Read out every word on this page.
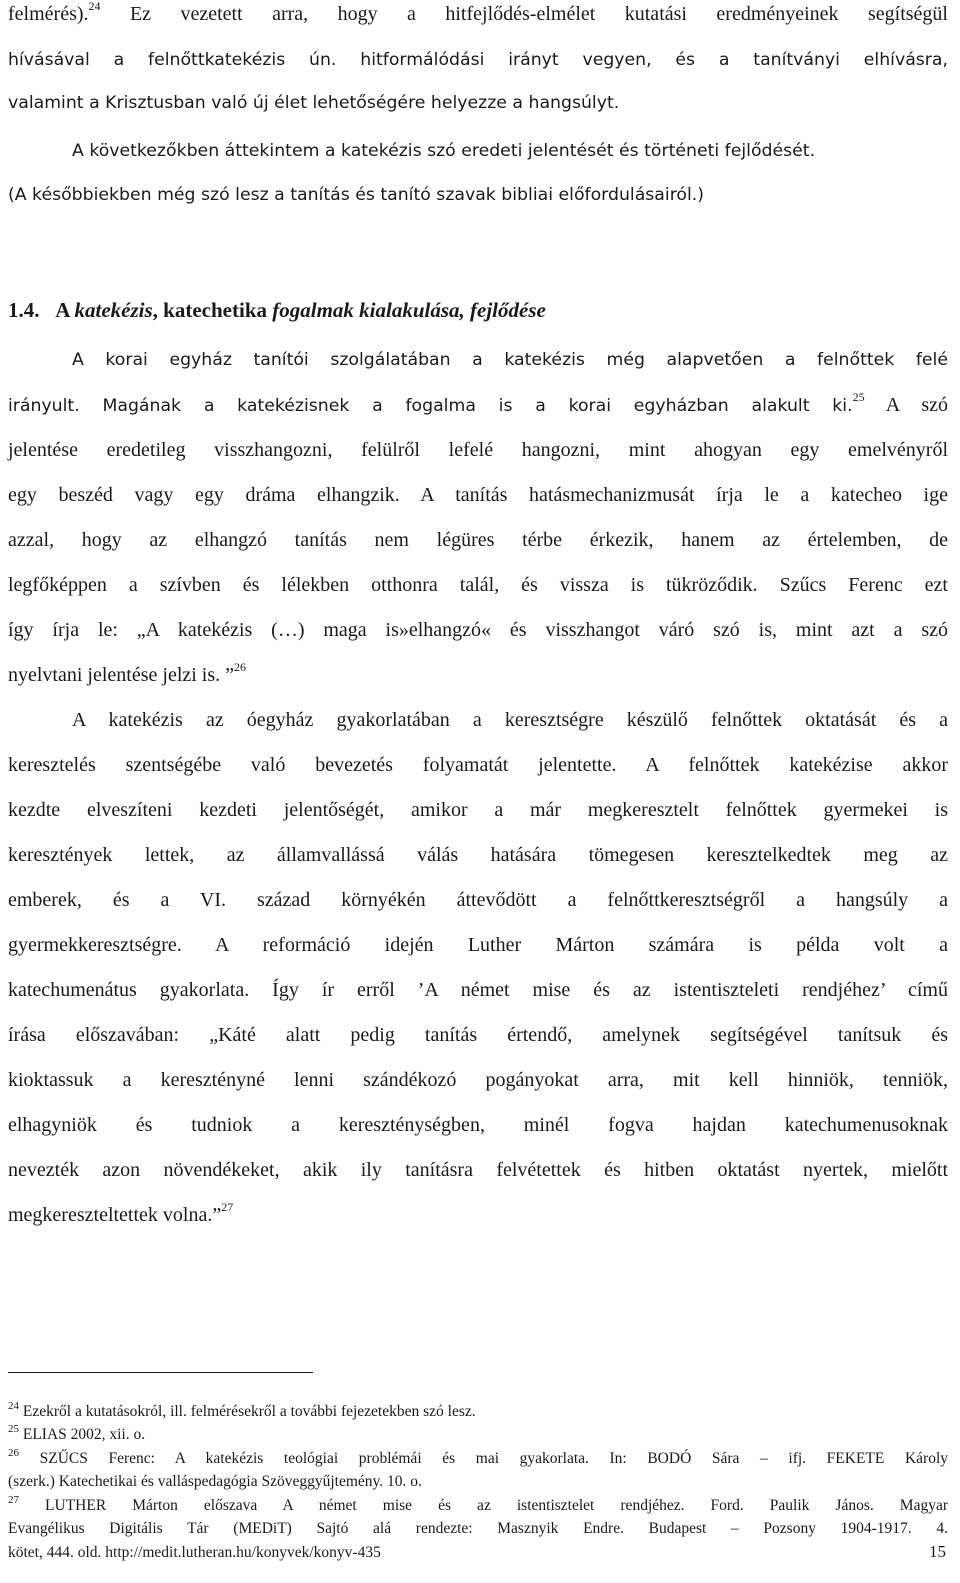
felmérés).$^{24}$ Ez vezetett arra, hogy a hitfejlődés-elmélet kutatási eredményeinek segítségül
hívásával a felnőttkatekézis ún. hitformálódási irányt vegyen, és a tanítványi elhívásra,
valamint a Krisztusban való új élet lehetőségére helyezze a hangsúlyt.
A következőkben áttekintem a katekézis szó eredeti jelentését és történeti fejlődését.
(A későbbiekben még szó lesz a tanítás és tanító szavak bibliai előfordulásairól.)
1.4. A katekézis, katechetika fogalmak kialakulása, fejlődése
A korai egyház tanítói szolgálatában a katekézis még alapvetően a felnőttek felé
irányult. Magának a katekézisnek a fogalma is a korai egyházban alakult ki.$^{25}$ A szó
jelentése eredetileg visszhangozni, felülről lefelé hangozni, mint ahogyan egy emelvényről
egy beszéd vagy egy dráma elhangzik. A tanítás hatásmechanizmusát írja le a katecheo ige
azzal, hogy az elhangzó tanítás nem légüres térbe érkezik, hanem az értelemben, de
legfőképpen a szívben és lélekben otthonra talál, és vissza is tükröződik. Szűcs Ferenc ezt
így írja le: „A katekézis (…) maga is»elhangzó« és visszhangot váró szó is, mint azt a szó
nyelvtani jelentése jelzi is. ”$^{26}$
A katekézis az óegyház gyakorlatában a keresztségre készülő felnőttek oktatását és a
keresztelés szentségébe való bevezetés folyamatát jelentette. A felnőttek katekézise akkor
kezdte elveszíteni kezdeti jelentőségét, amikor a már megkeresztelt felnőttek gyermekei is
keresztények lettek, az államvallássá válás hatására tömegesen keresztelkedtek meg az
emberek, és a VI. század környékén áttevődött a felnőttkeresztségről a hangsúly a
gyermekkeresztségre. A reformáció idején Luther Márton számára is példa volt a
katechumenátus gyakorlata. Így ír erről ’A német mise és az istentiszteleti rendjéhez’ című
írása előszavában: „Káté alatt pedig tanítás értendő, amelynek segítségével tanítsuk és
kioktassuk a keresztényné lenni szándékozó pogányokat arra, mit kell hinniök, tenniök,
elhagyniök és tudniok a kereszténységben, minél fogva hajdan katechumenusoknak
nevezték azon növendékeket, akik ily tanításra felvétettek és hitben oktatást nyertek, mielőtt
megkereszteltettek volna.”$^{27}$
$^{24}$ Ezekről a kutatásokról, ill. felmérésekről a további fejezetekben szó lesz.
$^{25}$ ELIAS 2002, xii. o.
$^{26}$ SZŰCS Ferenc: A katekézis teológiai problémái és mai gyakorlata. In: BODÓ Sára – ifj. FEKETE Károly
(szerk.) Katechetikai és valláspedagógia Szöveggyűjtemény. 10. o.
$^{27}$ LUTHER Márton előszava A német mise és az istentisztelet rendjéhez. Ford. Paulik János. Magyar
Evangélikus Digitális Tár (MEDiT) Sajtó alá rendezte: Masznyik Endre. Budapest – Pozsony 1904-1917. 4.
kötet, 444. old. http://medit.lutheran.hu/konyvek/konyv-435	15
